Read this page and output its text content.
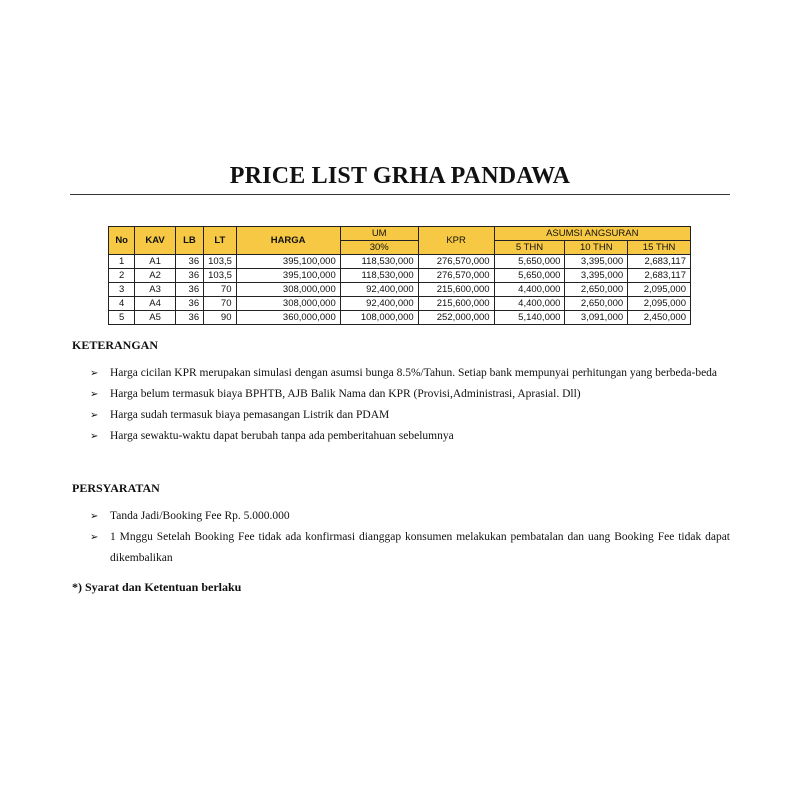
PRICE LIST GRHA PANDAWA
No	KAV	LB	LT	HARGA	UM	KPR	ASUMSI ANGSURAN		
					30%		5 THN	10 THN	15 THN
1	A1	36	103,5	395,100,000	118,530,000	276,570,000	5,650,000	3,395,000	2,683,117
2	A2	36	103,5	395,100,000	118,530,000	276,570,000	5,650,000	3,395,000	2,683,117
3	A3	36	70	308,000,000	92,400,000	215,600,000	4,400,000	2,650,000	2,095,000
4	A4	36	70	308,000,000	92,400,000	215,600,000	4,400,000	2,650,000	2,095,000
5	A5	36	90	360,000,000	108,000,000	252,000,000	5,140,000	3,091,000	2,450,000
KETERANGAN
➢ Harga cicilan KPR merupakan simulasi dengan asumsi bunga 8.5%/Tahun. Setiap bank mempunyai perhitungan yang berbeda-beda
➢ Harga belum termasuk biaya BPHTB, AJB Balik Nama dan KPR (Provisi,Administrasi, Aprasial. Dll)
➢ Harga sudah termasuk biaya pemasangan Listrik dan PDAM
➢ Harga sewaktu-waktu dapat berubah tanpa ada pemberitahuan sebelumnya
PERSYARATAN
➢ Tanda Jadi/Booking Fee Rp. 5.000.000
➢ 1 Mnggu Setelah Booking Fee tidak ada konfirmasi dianggap konsumen melakukan pembatalan dan uang Booking Fee tidak dapat dikembalikan
*) Syarat dan Ketentuan berlaku
